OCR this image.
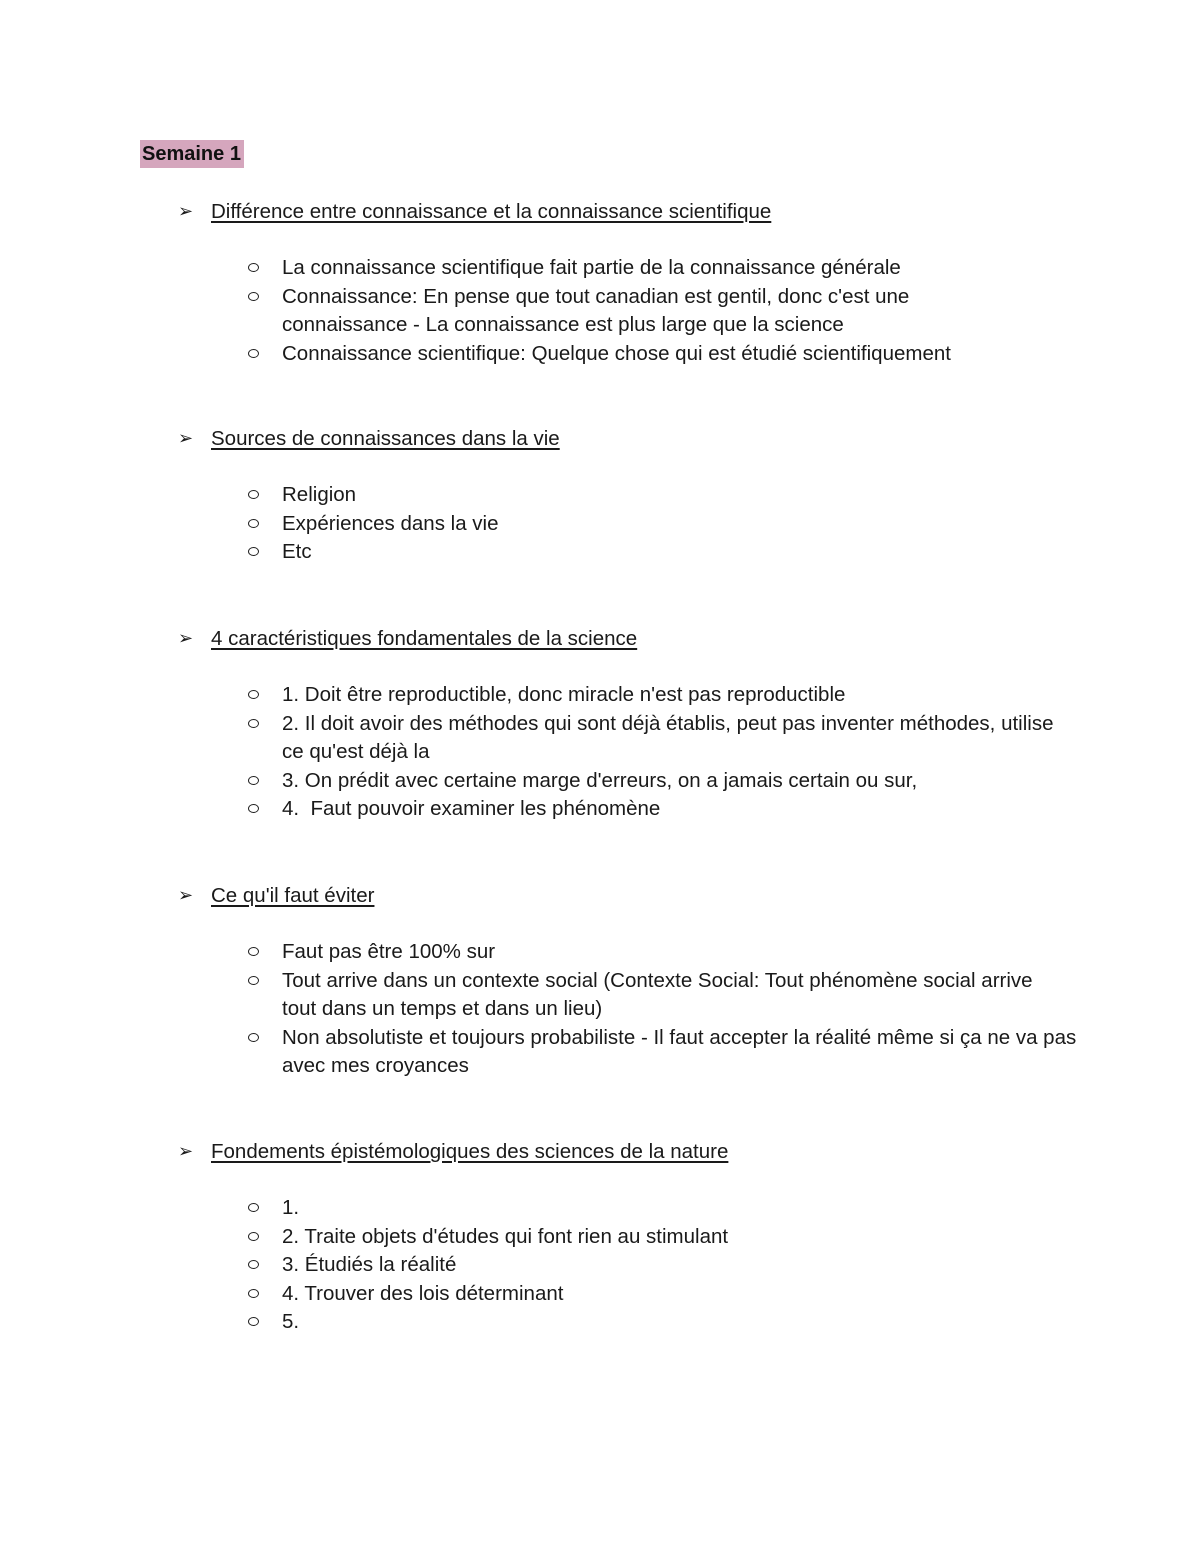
Semaine 1
➢ Différence entre connaissance et la connaissance scientifique
La connaissance scientifique fait partie de la connaissance générale
Connaissance: En pense que tout canadian est gentil, donc c'est une connaissance - La connaissance est plus large que la science
Connaissance scientifique: Quelque chose qui est étudié scientifiquement
➢ Sources de connaissances dans la vie
Religion
Expériences dans la vie
Etc
➢ 4 caractéristiques fondamentales de la science
1. Doit être reproductible, donc miracle n'est pas reproductible
2. Il doit avoir des méthodes qui sont déjà établis, peut pas inventer méthodes, utilise ce qu'est déjà la
3. On prédit avec certaine marge d'erreurs, on a jamais certain ou sur,
4.  Faut pouvoir examiner les phénomène
➢ Ce qu'il faut éviter
Faut pas être 100% sur
Tout arrive dans un contexte social (Contexte Social: Tout phénomène social arrive tout dans un temps et dans un lieu)
Non absolutiste et toujours probabiliste - Il faut accepter la réalité même si ça ne va pas avec mes croyances
➢ Fondements épistémologiques des sciences de la nature
1.
2. Traite objets d'études qui font rien au stimulant
3. Étudiés la réalité
4. Trouver des lois déterminant
5.
